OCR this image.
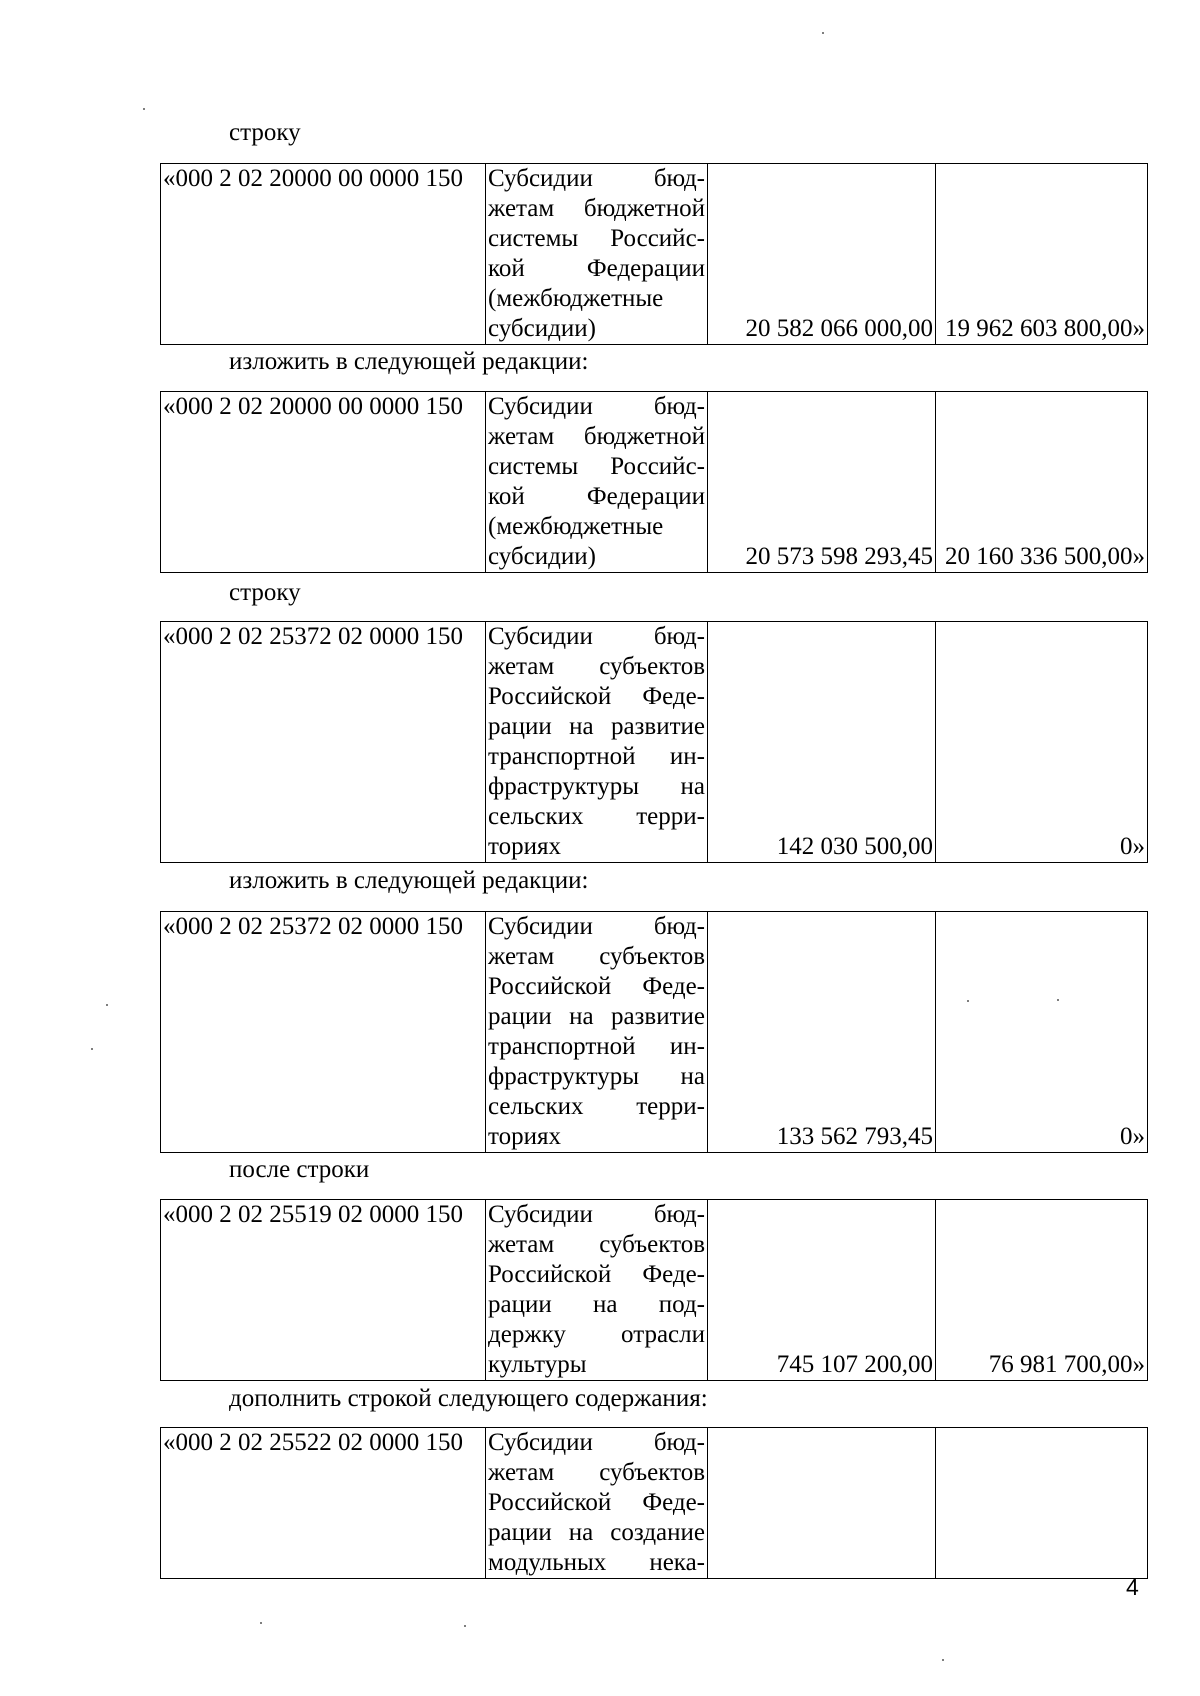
строку
«000 2 02 20000 00 0000 150	Субсидии бюд-
жетам бюджетной
системы Российс-
кой Федерации
(межбюджетные
субсидии)	20 582 066 000,00	19 962 603 800,00»
изложить в следующей редакции:
«000 2 02 20000 00 0000 150	Субсидии бюд-
жетам бюджетной
системы Российс-
кой Федерации
(межбюджетные
субсидии)	20 573 598 293,45	20 160 336 500,00»
строку
«000 2 02 25372 02 0000 150	Субсидии бюд-
жетам субъектов
Российской Феде-
рации на развитие
транспортной ин-
фраструктуры на
сельских терри-
ториях	142 030 500,00	0»
изложить в следующей редакции:
«000 2 02 25372 02 0000 150	Субсидии бюд-
жетам субъектов
Российской Феде-
рации на развитие
транспортной ин-
фраструктуры на
сельских терри-
ториях	133 562 793,45	0»
после строки
«000 2 02 25519 02 0000 150	Субсидии бюд-
жетам субъектов
Российской Феде-
рации на под-
держку отрасли
культуры	745 107 200,00	76 981 700,00»
дополнить строкой следующего содержания:
«000 2 02 25522 02 0000 150	Субсидии бюд-
жетам субъектов
Российской Феде-
рации на создание
модульных нека-

4
